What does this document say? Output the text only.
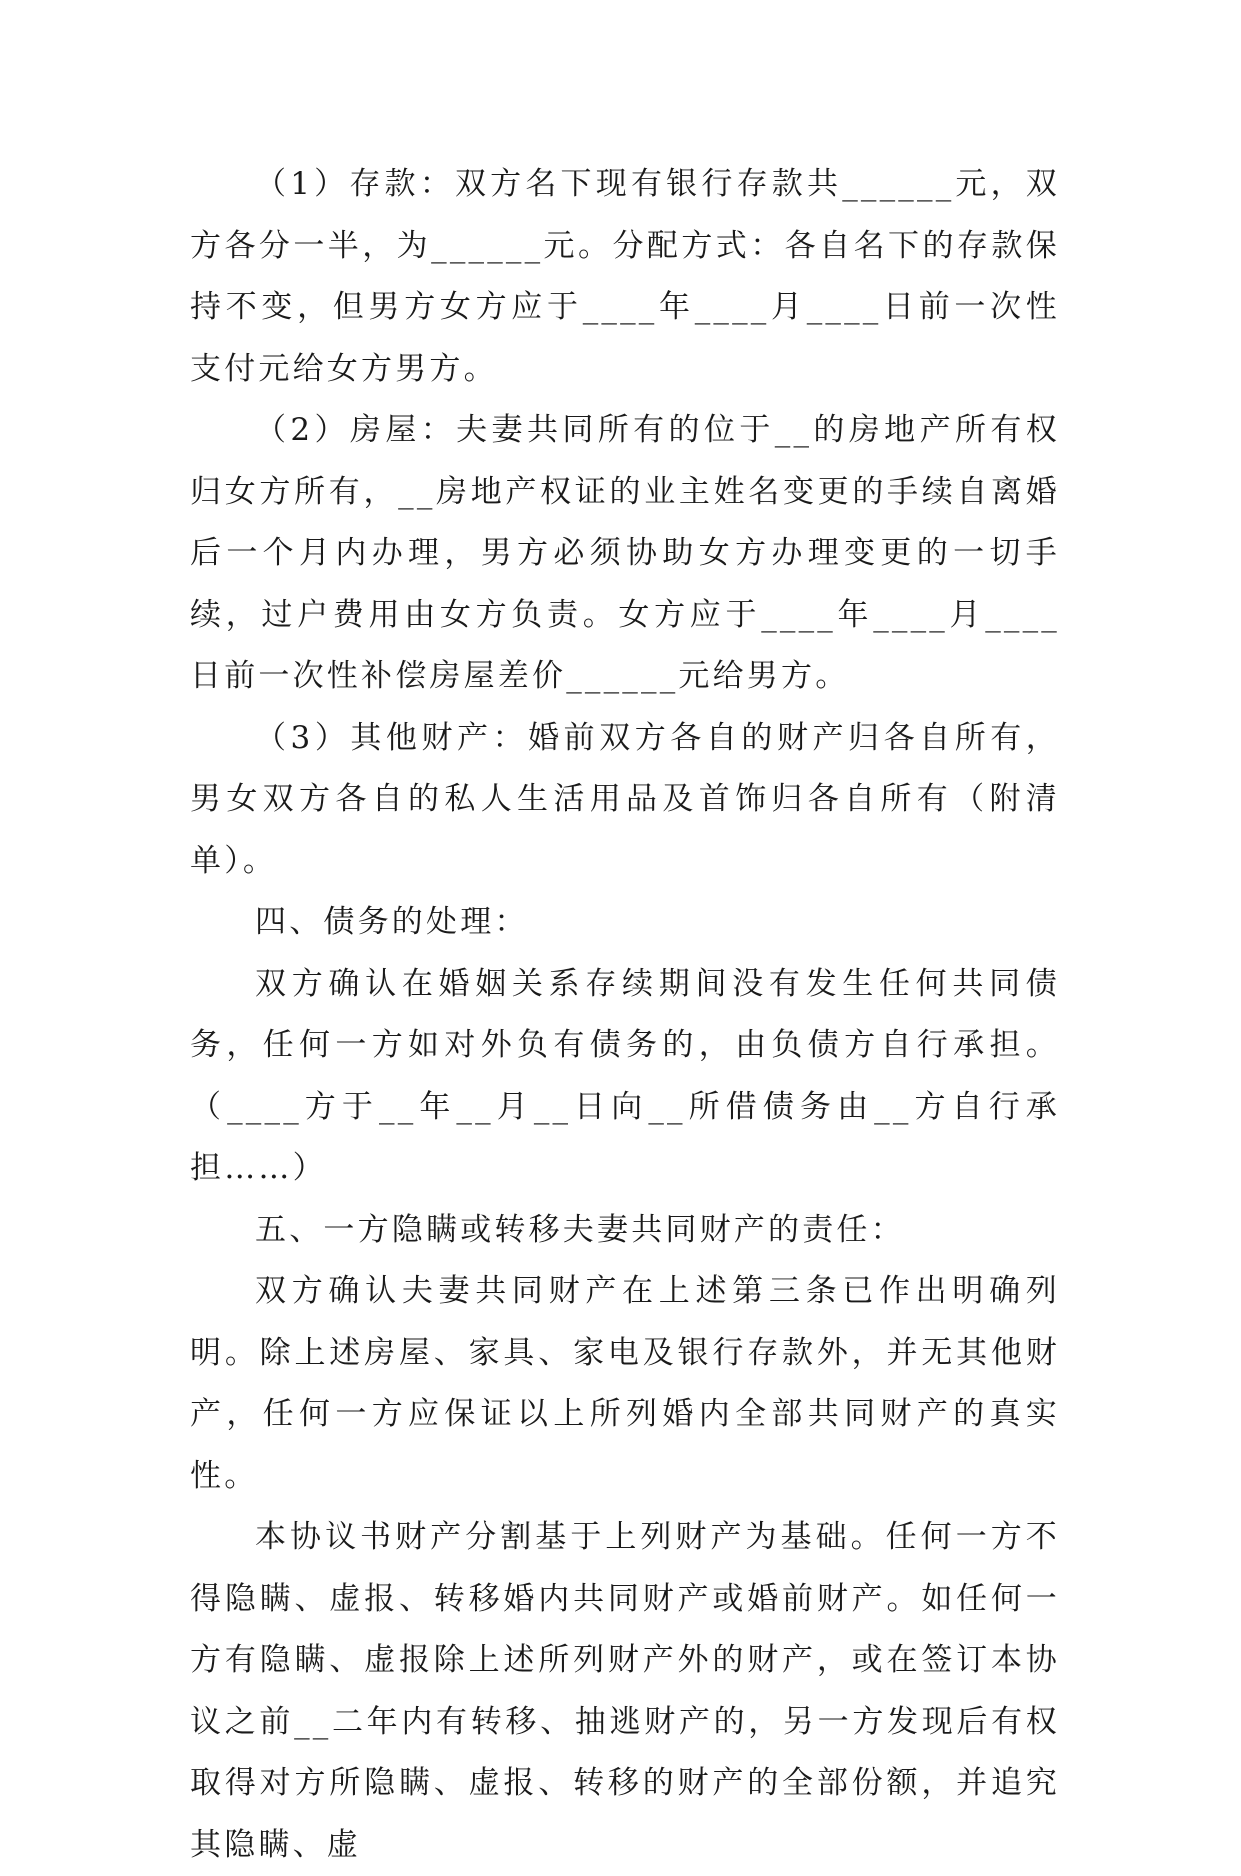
（1）存款：双方名下现有银行存款共______元，双方各分一半，为______元。分配方式：各自名下的存款保持不变，但男方女方应于____年____月____日前一次性支付元给女方男方。

（2）房屋：夫妻共同所有的位于__的房地产所有权归女方所有，__房地产权证的业主姓名变更的手续自离婚后一个月内办理，男方必须协助女方办理变更的一切手续，过户费用由女方负责。女方应于____年____月____日前一次性补偿房屋差价______元给男方。

（3）其他财产：婚前双方各自的财产归各自所有，男女双方各自的私人生活用品及首饰归各自所有（附清单）。

四、债务的处理：

双方确认在婚姻关系存续期间没有发生任何共同债务，任何一方如对外负有债务的，由负债方自行承担。（____方于__年__月__日向__所借债务由__方自行承担……）

五、一方隐瞒或转移夫妻共同财产的责任：

双方确认夫妻共同财产在上述第三条已作出明确列明。除上述房屋、家具、家电及银行存款外，并无其他财产，任何一方应保证以上所列婚内全部共同财产的真实性。

本协议书财产分割基于上列财产为基础。任何一方不得隐瞒、虚报、转移婚内共同财产或婚前财产。如任何一方有隐瞒、虚报除上述所列财产外的财产，或在签订本协议之前__二年内有转移、抽逃财产的，另一方发现后有权取得对方所隐瞒、虚报、转移的财产的全部份额，并追究其隐瞒、虚
